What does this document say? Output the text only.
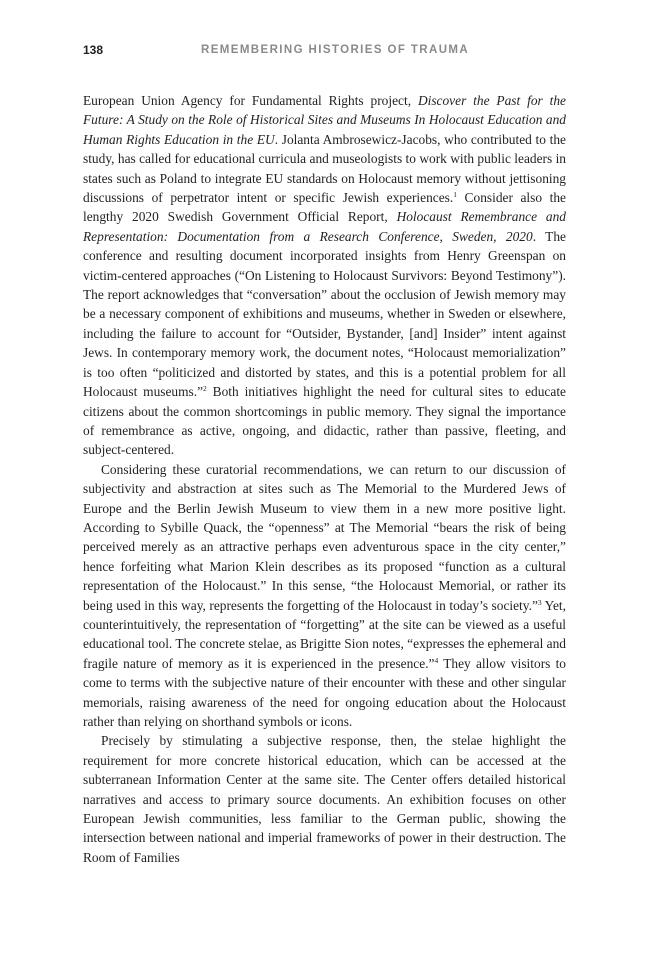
138	REMEMBERING HISTORIES OF TRAUMA

European Union Agency for Fundamental Rights project, Discover the Past for the Future: A Study on the Role of Historical Sites and Museums In Holocaust Education and Human Rights Education in the EU. Jolanta Ambrosewicz-Jacobs, who contributed to the study, has called for educational curricula and museologists to work with public leaders in states such as Poland to integrate EU standards on Holocaust memory without jettisoning discussions of perpetrator intent or specific Jewish experiences.$^1$ Consider also the lengthy 2020 Swedish Government Official Report, Holocaust Remembrance and Representation: Documentation from a Research Conference, Sweden, 2020. The conference and resulting document incorporated insights from Henry Greenspan on victim-centered approaches (“On Listening to Holocaust Survivors: Beyond Testimony”). The report acknowledges that “conversation” about the occlusion of Jewish memory may be a necessary component of exhibitions and museums, whether in Sweden or elsewhere, including the failure to account for “Outsider, Bystander, [and] Insider” intent against Jews. In contemporary memory work, the document notes, “Holocaust memorialization” is too often “politicized and distorted by states, and this is a potential problem for all Holocaust museums.”$^2$ Both initiatives highlight the need for cultural sites to educate citizens about the common shortcomings in public memory. They signal the importance of remembrance as active, ongoing, and didactic, rather than passive, fleeting, and subject-centered.

Considering these curatorial recommendations, we can return to our discussion of subjectivity and abstraction at sites such as The Memorial to the Murdered Jews of Europe and the Berlin Jewish Museum to view them in a new more positive light. According to Sybille Quack, the “openness” at The Memorial “bears the risk of being perceived merely as an attractive perhaps even adventurous space in the city center,” hence forfeiting what Marion Klein describes as its proposed “function as a cultural representation of the Holocaust.” In this sense, “the Holocaust Memorial, or rather its being used in this way, represents the forgetting of the Holocaust in today’s society.”$^3$ Yet, counterintuitively, the representation of “forgetting” at the site can be viewed as a useful educational tool. The concrete stelae, as Brigitte Sion notes, “expresses the ephemeral and fragile nature of memory as it is experienced in the presence.”$^4$ They allow visitors to come to terms with the subjective nature of their encounter with these and other singular memorials, raising awareness of the need for ongoing education about the Holocaust rather than relying on shorthand symbols or icons.

Precisely by stimulating a subjective response, then, the stelae highlight the requirement for more concrete historical education, which can be accessed at the subterranean Information Center at the same site. The Center offers detailed historical narratives and access to primary source documents. An exhibition focuses on other European Jewish communities, less familiar to the German public, showing the intersection between national and imperial frameworks of power in their destruction. The Room of Families
